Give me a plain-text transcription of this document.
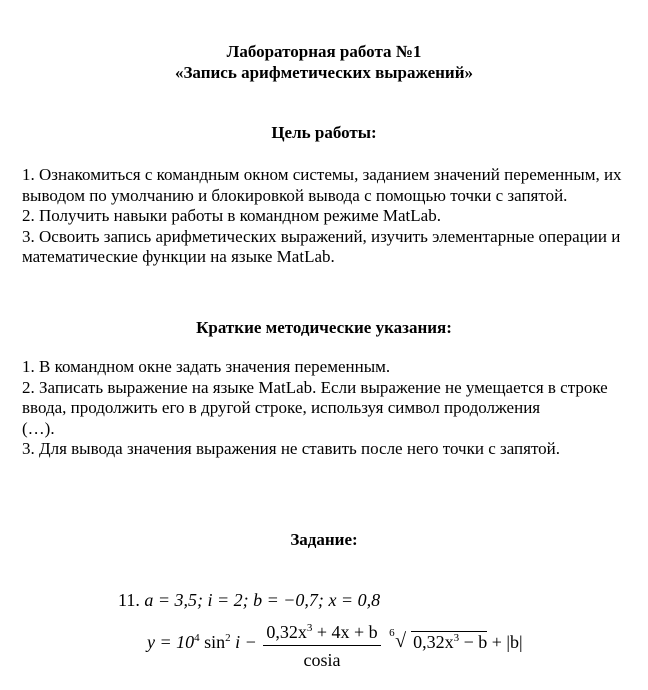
Лабораторная работа №1
«Запись арифметических выражений»
Цель работы:

1. Ознакомиться с командным окном системы, заданием значений переменным, их выводом по умолчанию и блокировкой вывода с помощью точки с запятой.

2. Получить навыки работы в командном режиме MatLab.

3. Освоить запись арифметических выражений, изучить элементарные операции и математические функции на языке MatLab.

Краткие методические указания:

1. В командном окне задать значения переменным.

2. Записать выражение на языке MatLab. Если выражение не умещается в строке ввода, продолжить его в другой строке, используя символ продолжения

(…).

3. Для вывода значения выражения не ставить после него точки с запятой.

Задание:
11. a = 3,5; i = 2; b = −0,7; x = 0,8
$y = 10^4$ $\sin^2 i - \frac{0,32x^3 + 4x + b}{\text{cosia}}$
6 √ $0,32x^3 - b + |b|$
